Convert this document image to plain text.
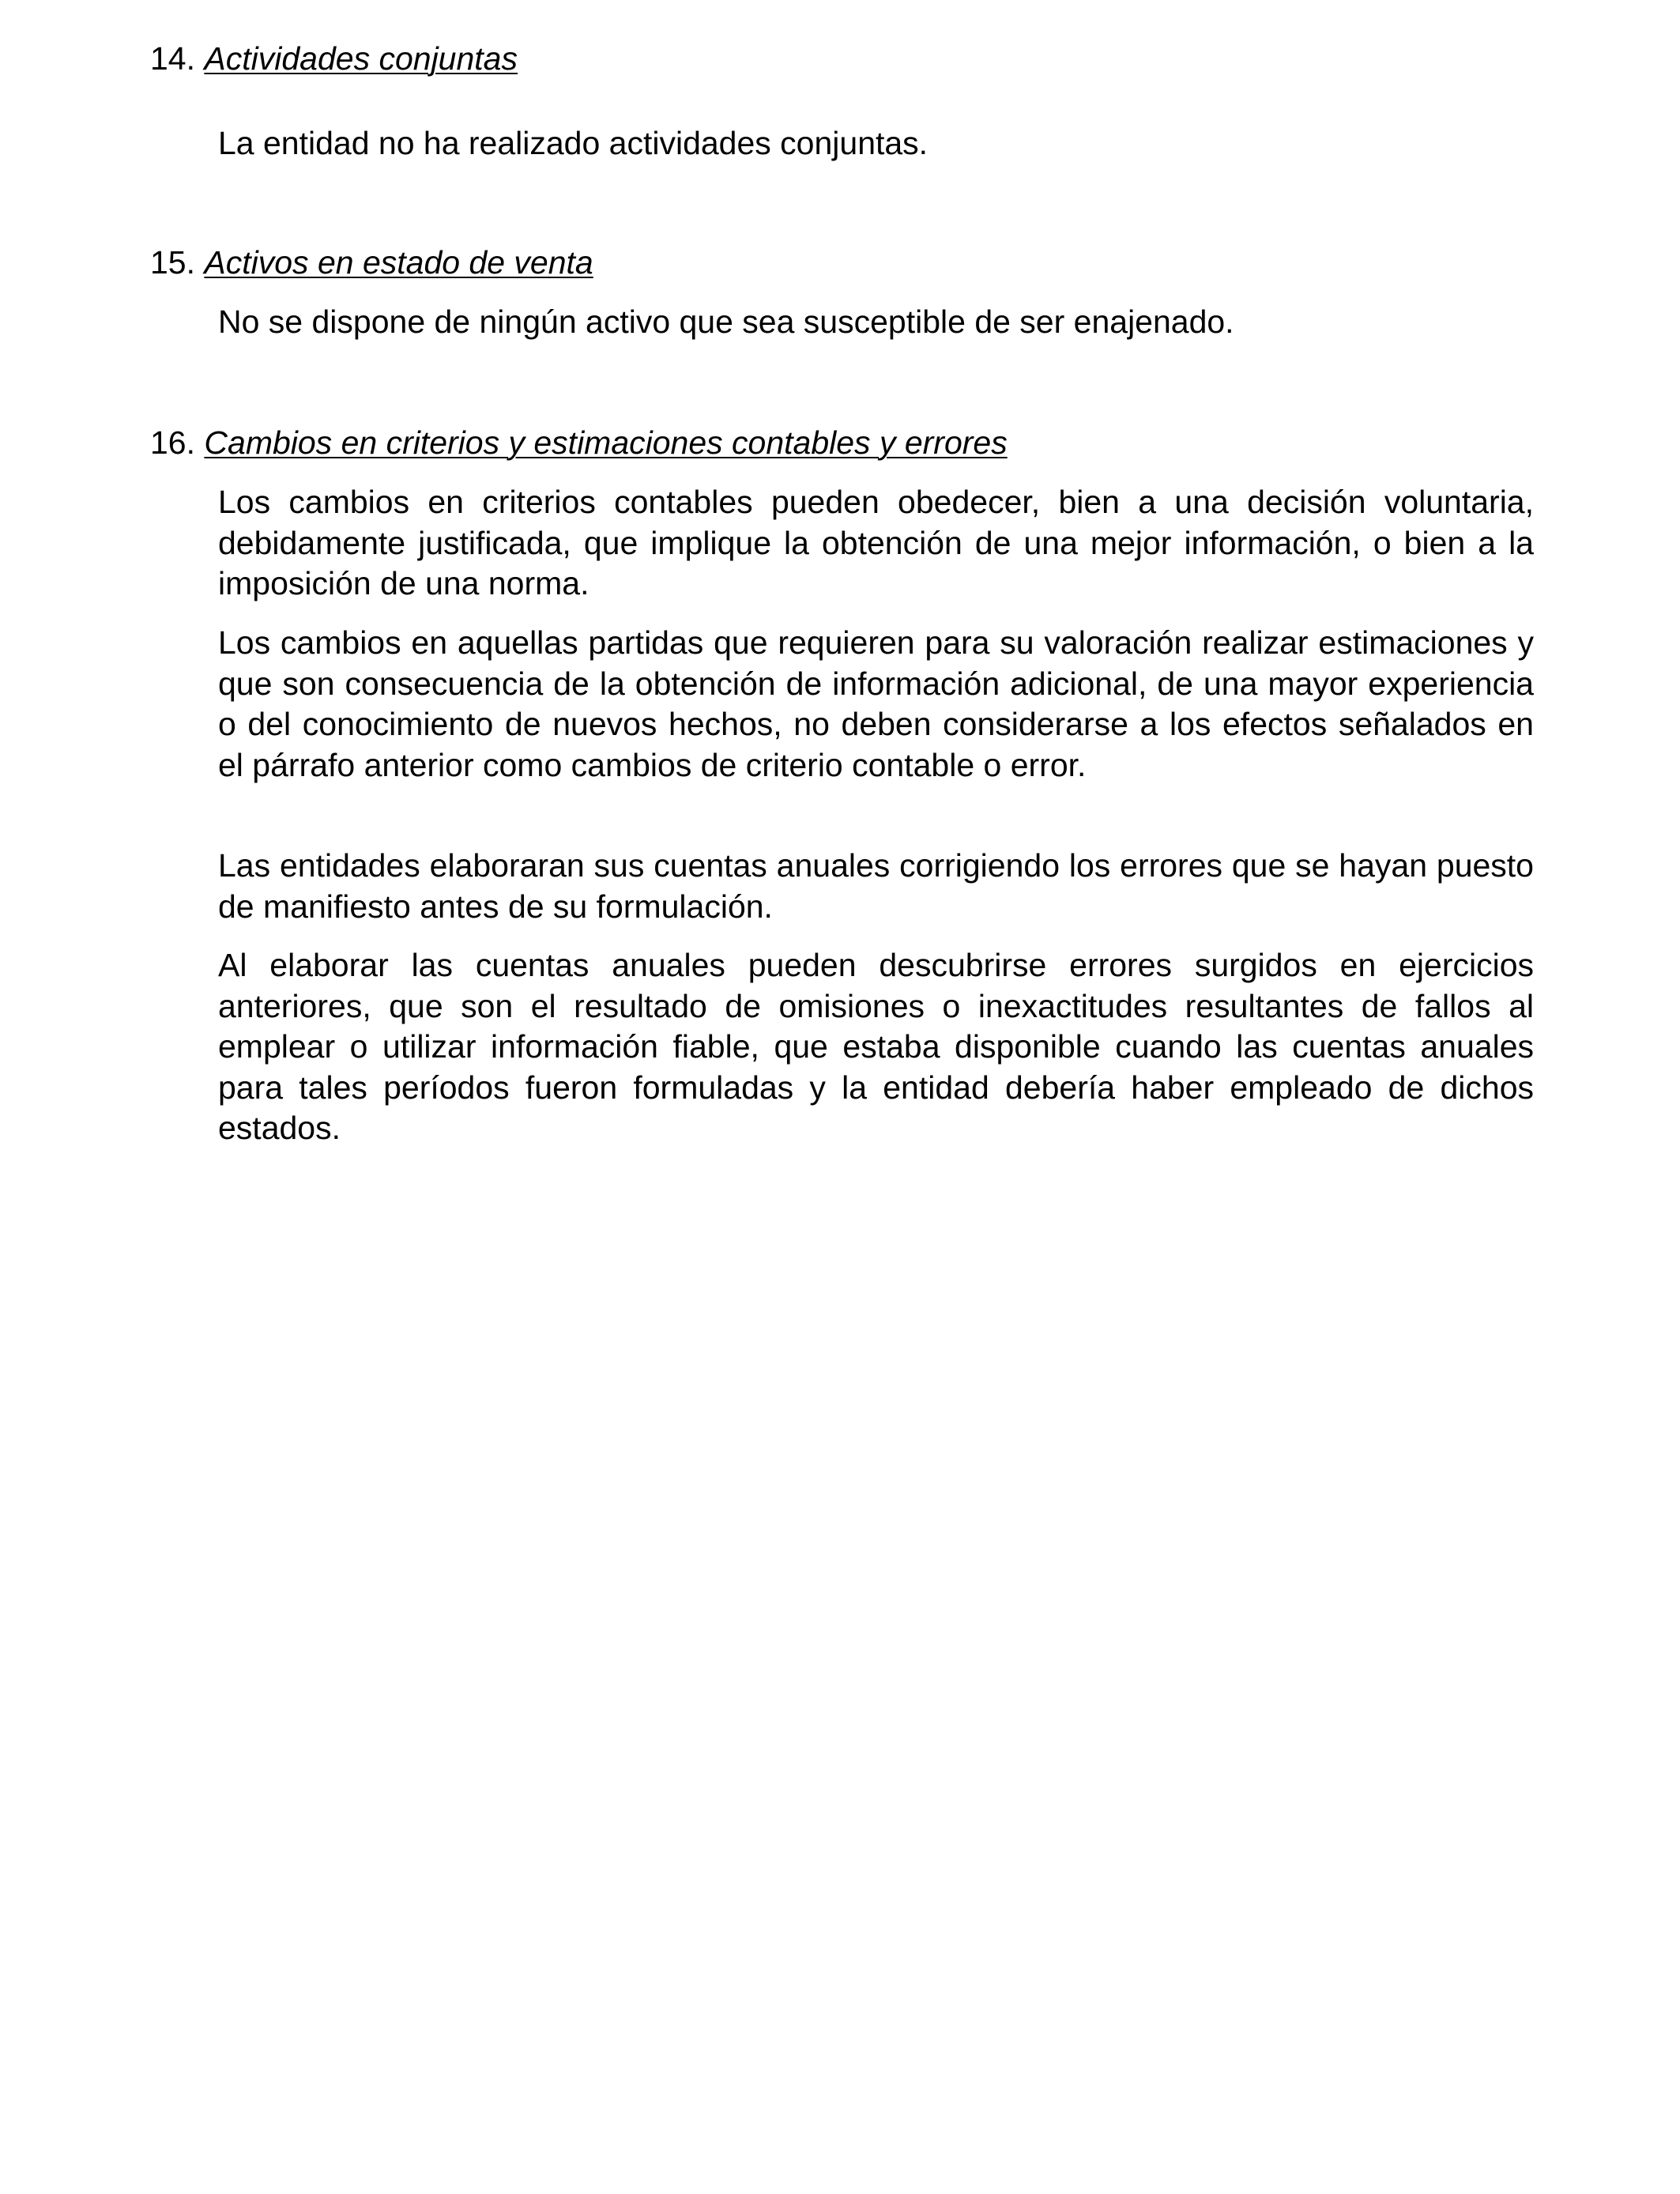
14. Actividades conjuntas

La entidad no ha realizado actividades conjuntas.

15. Activos en estado de venta

No se dispone de ningún activo que sea susceptible de ser enajenado.

16. Cambios en criterios y estimaciones contables y errores

Los cambios en criterios contables pueden obedecer, bien a una decisión voluntaria, debidamente justificada, que implique la obtención de una mejor información, o bien a la imposición de una norma.

Los cambios en aquellas partidas que requieren para su valoración realizar estimaciones y que son consecuencia de la obtención de información adicional, de una mayor experiencia o del conocimiento de nuevos hechos, no deben considerarse a los efectos señalados en el párrafo anterior como cambios de criterio contable o error.

Las entidades elaboraran sus cuentas anuales corrigiendo los errores que se hayan puesto de manifiesto antes de su formulación.

Al elaborar las cuentas anuales pueden descubrirse errores surgidos en ejercicios anteriores, que son el resultado de omisiones o inexactitudes resultantes de fallos al emplear o utilizar información fiable, que estaba disponible cuando las cuentas anuales para tales períodos fueron formuladas y la entidad debería haber empleado de dichos estados.
